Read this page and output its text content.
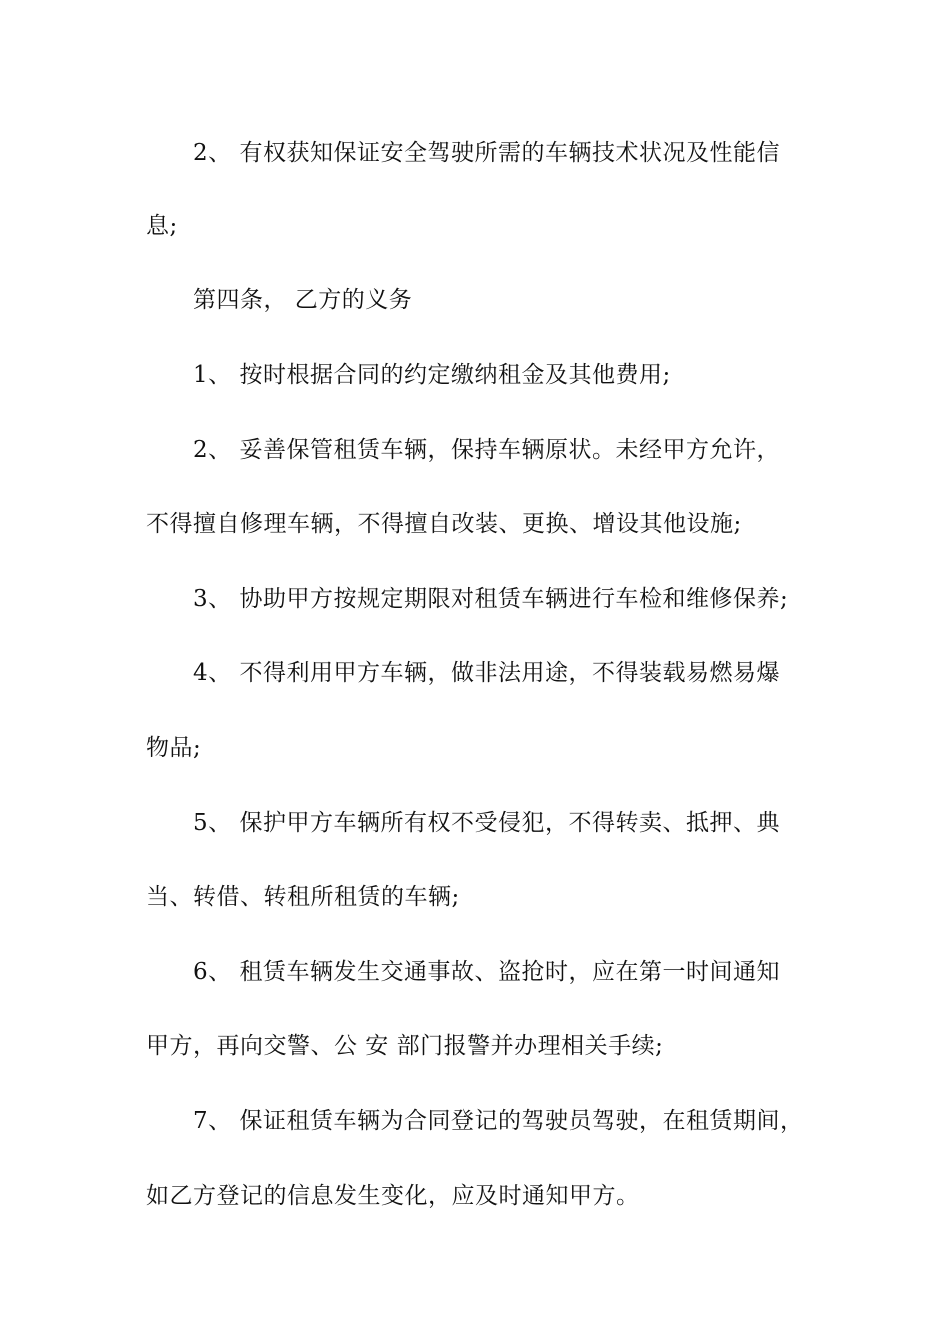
2、 有权获知保证安全驾驶所需的车辆技术状况及性能信
息;
第四条， 乙方的义务
1、 按时根据合同的约定缴纳租金及其他费用;
2、 妥善保管租赁车辆，保持车辆原状。未经甲方允许，
不得擅自修理车辆，不得擅自改装、更换、增设其他设施;
3、 协助甲方按规定期限对租赁车辆进行车检和维修保养;
4、 不得利用甲方车辆，做非法用途，不得装载易燃易爆
物品;
5、 保护甲方车辆所有权不受侵犯，不得转卖、抵押、典
当、转借、转租所租赁的车辆;
6、 租赁车辆发生交通事故、盗抢时，应在第一时间通知
甲方，再向交警、公 安 部门报警并办理相关手续;
7、 保证租赁车辆为合同登记的驾驶员驾驶，在租赁期间，
如乙方登记的信息发生变化，应及时通知甲方。
